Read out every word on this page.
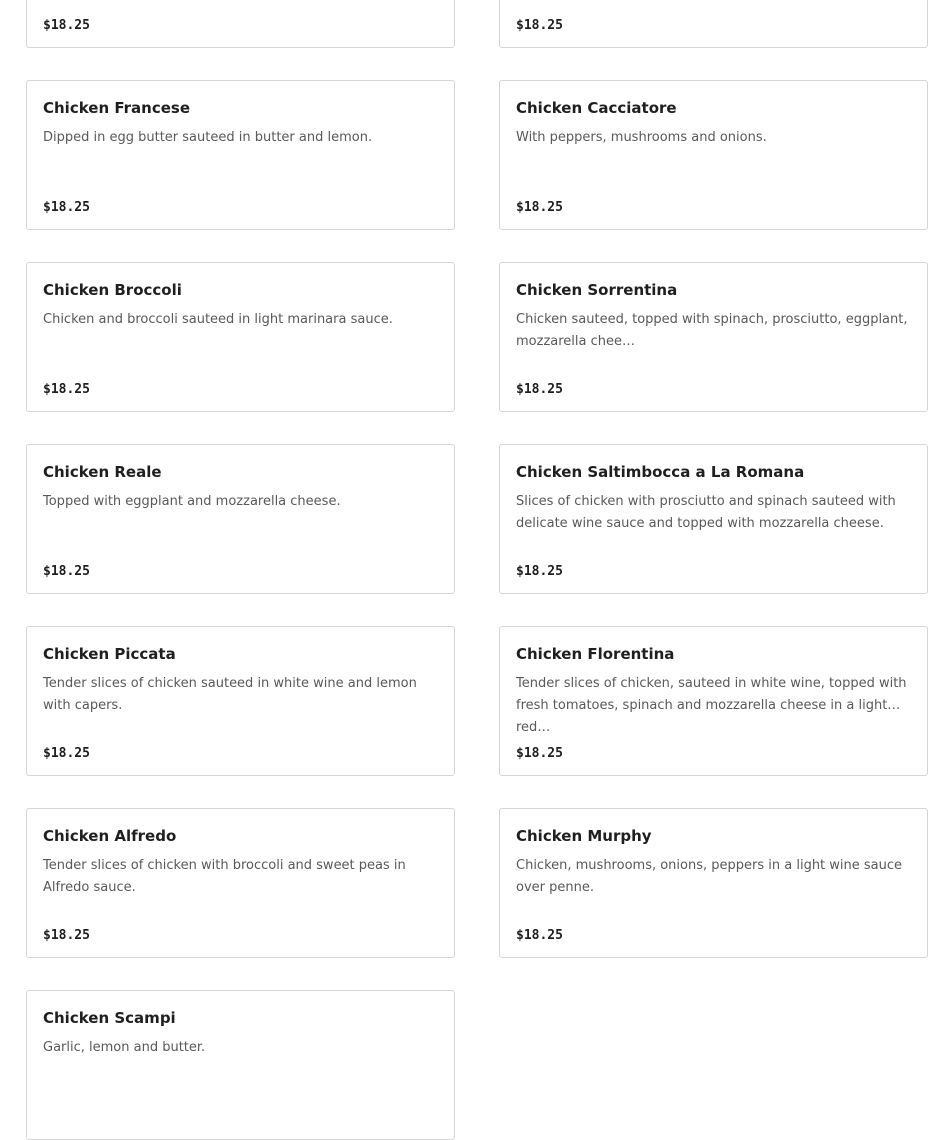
$18.25	$18.25
Chicken Francese
Dipped in egg butter sauteed in butter and lemon.
$18.25
Chicken Cacciatore
With peppers, mushrooms and onions.
$18.25
Chicken Broccoli
Chicken and broccoli sauteed in light marinara sauce.
$18.25
Chicken Sorrentina
Chicken sauteed, topped with spinach, prosciutto, eggplant, mozzarella chee…
$18.25
Chicken Reale
Topped with eggplant and mozzarella cheese.
$18.25
Chicken Saltimbocca a La Romana
Slices of chicken with prosciutto and spinach sauteed with delicate wine sauce and topped with mozzarella cheese.
$18.25
Chicken Piccata
Tender slices of chicken sauteed in white wine and lemon with capers.
$18.25
Chicken Florentina
Tender slices of chicken, sauteed in white wine, topped with fresh tomatoes, spinach and mozzarella cheese in a light red…
$18.25
Chicken Alfredo
Tender slices of chicken with broccoli and sweet peas in Alfredo sauce.
$18.25
Chicken Murphy
Chicken, mushrooms, onions, peppers in a light wine sauce over penne.
$18.25
Chicken Scampi
Garlic, lemon and butter.
